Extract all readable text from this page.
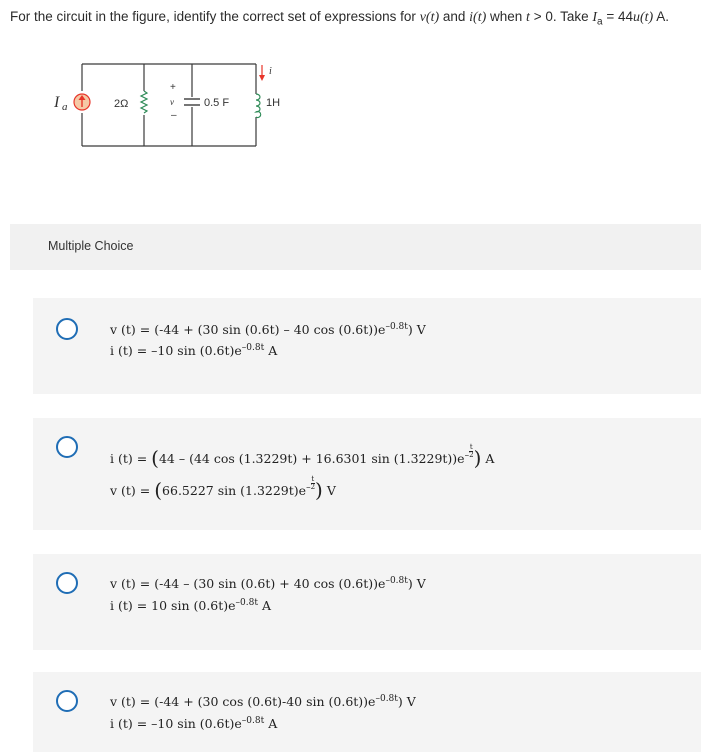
For the circuit in the figure, identify the correct set of expressions for v(t) and i(t) when t > 0. Take $I_a = 44u(t)$ A.
I a	2Ω
+
v
–
0.5 F	1H
i
Multiple Choice
v (t) = (-44 + (30 sin (0.6t) – 40 $\cos (0.6t))e^{-0.8t}$) V
i (t) = –10 $\sin (0.6t)e^{-0.8t}$ A
i (t) = (44 – (44 cos (1.3229t) + 16.6301 $\sin (1.3229t))e^- \frac{t}{2}$ ) A
v (t) = (66.5227 $\sin (1.3229t)e^- \frac{t}{2}$ ) V
v (t) = (-44 – (30 sin (0.6t) + 40 $\cos (0.6t))e^{-0.8t}$) V
i (t) = 10 $\sin (0.6t)e^{-0.8t}$ A
v (t) = (-44 + (30 cos (0.6t)-40 $\sin (0.6t))e^{-0.8t}$) V
i (t) = –10 $\sin (0.6t)e^{-0.8t}$ A
